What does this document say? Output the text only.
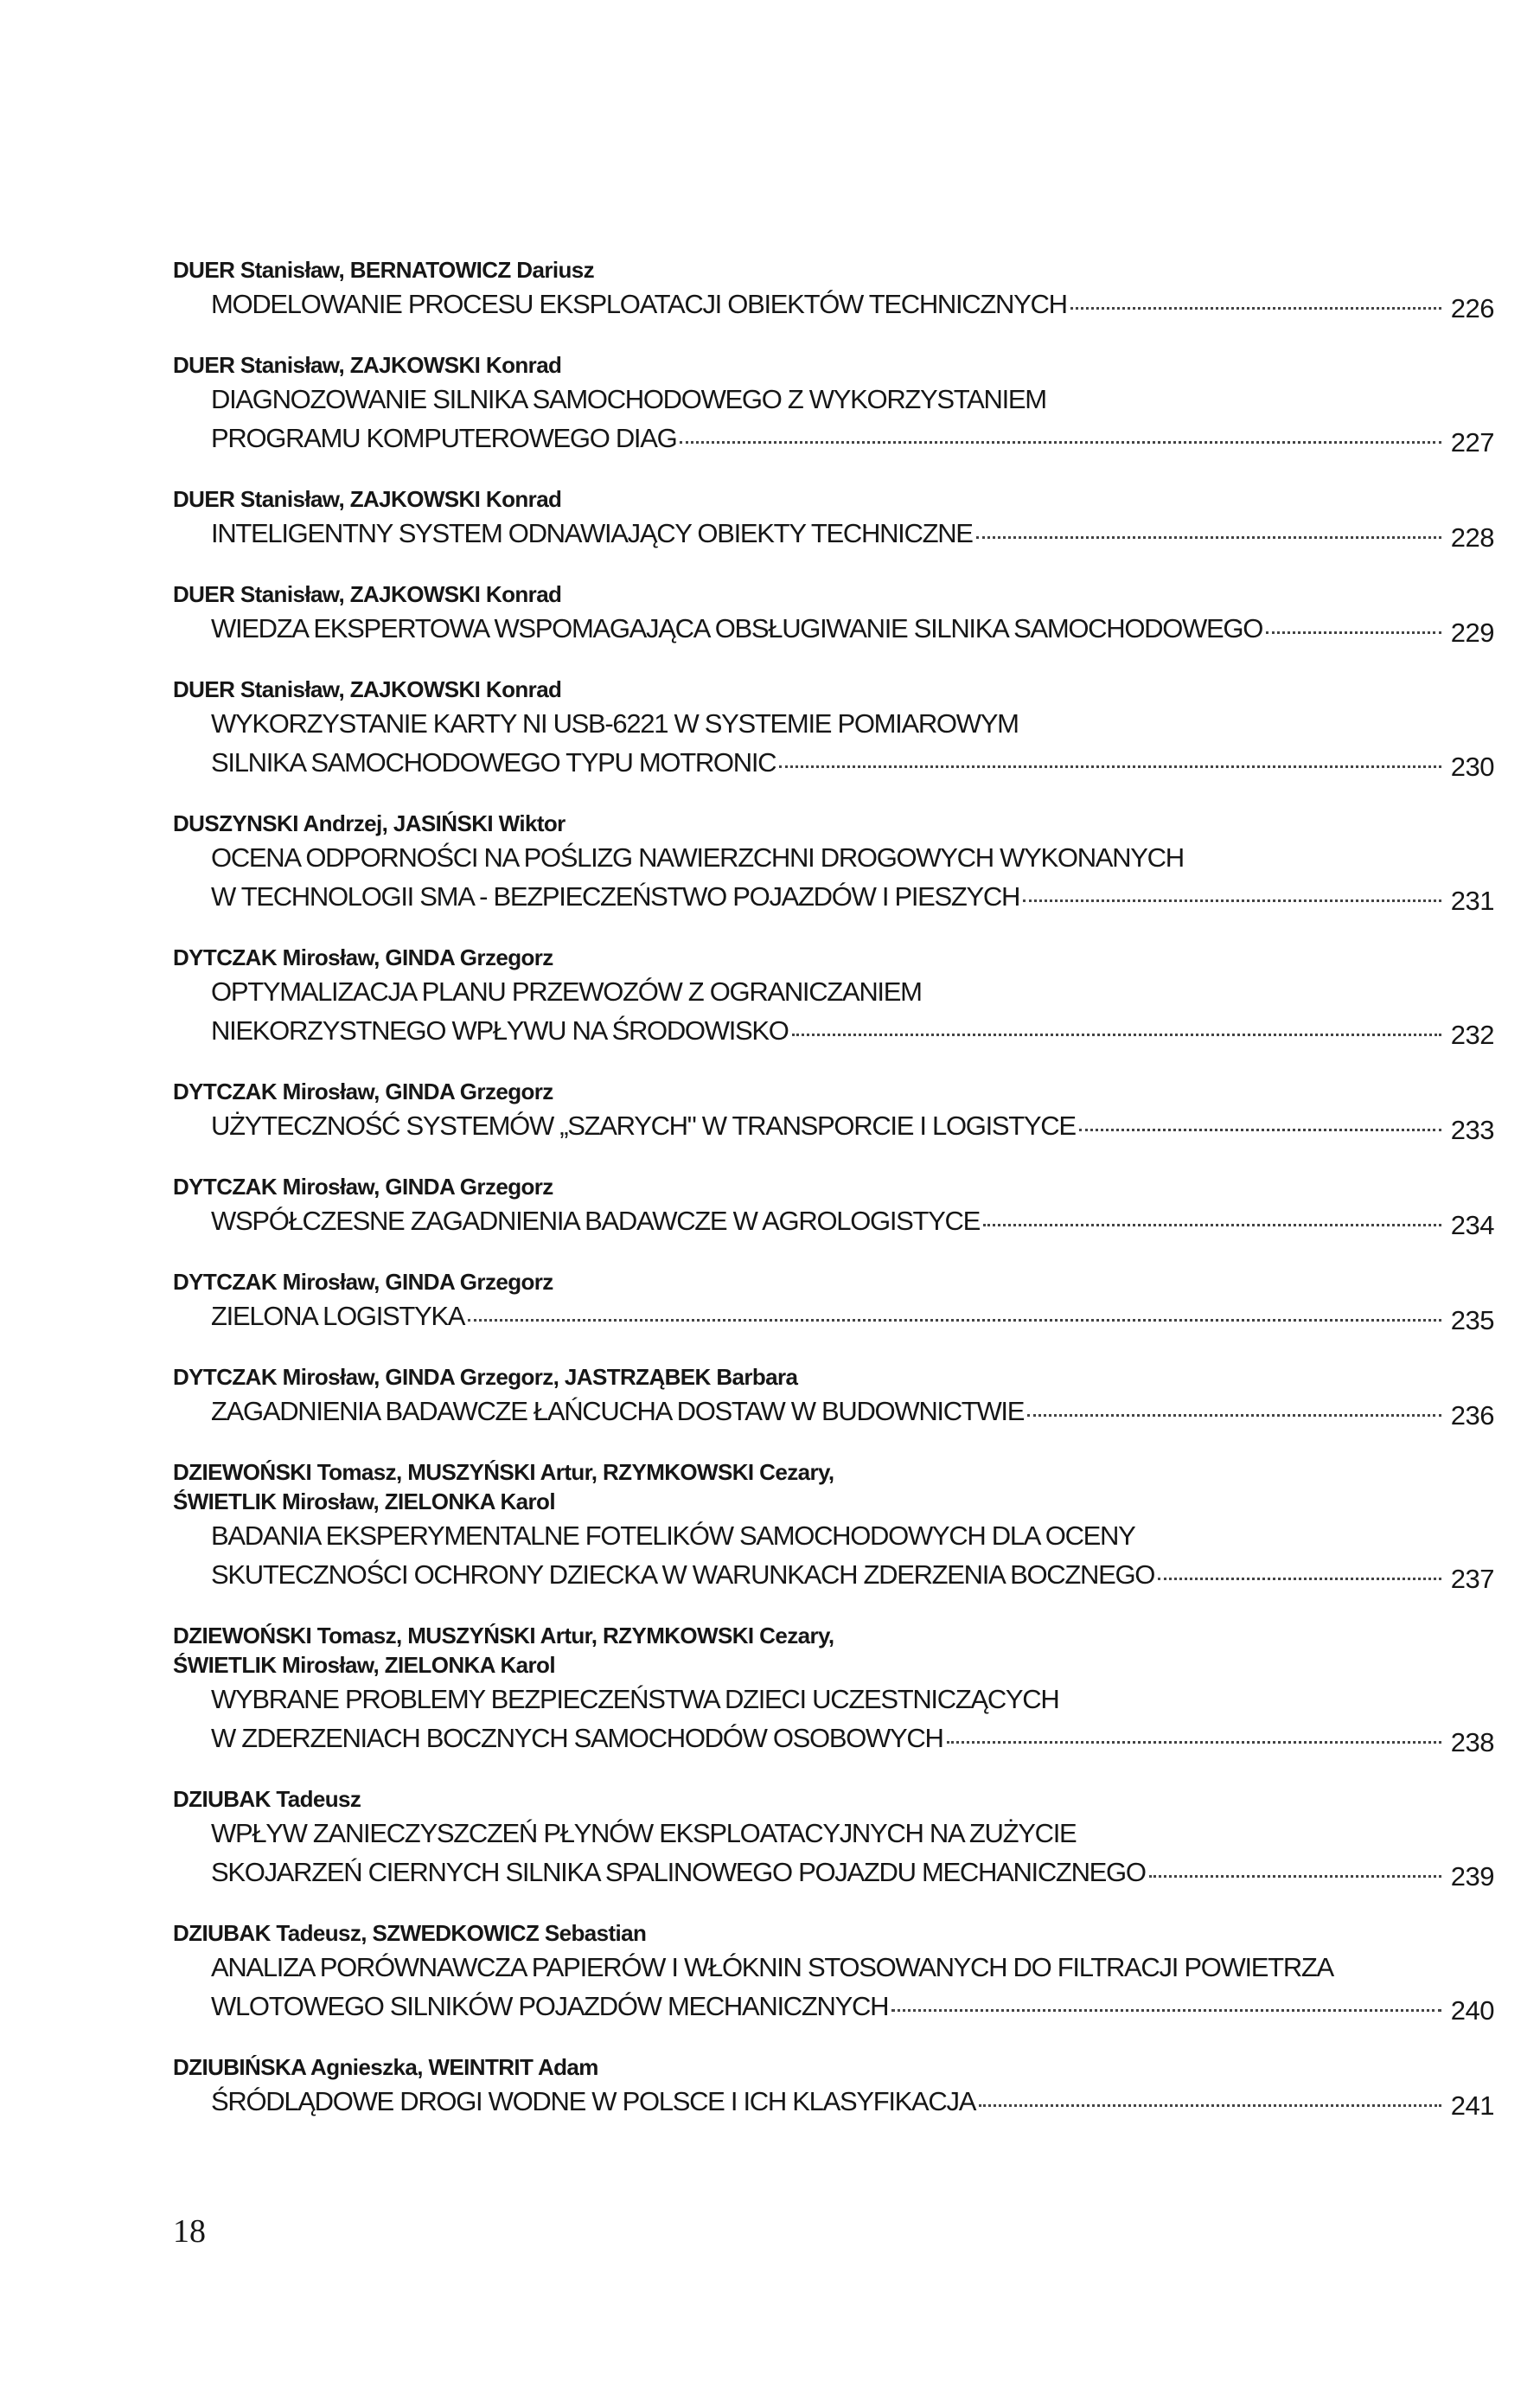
DUER Stanisław, BERNATOWICZ Dariusz

MODELOWANIE PROCESU EKSPLOATACJI OBIEKTÓW TECHNICZNYCH	226

DUER Stanisław, ZAJKOWSKI Konrad

DIAGNOZOWANIE SILNIKA SAMOCHODOWEGO Z WYKORZYSTANIEM
PROGRAMU KOMPUTEROWEGO DIAG	227

DUER Stanisław, ZAJKOWSKI Konrad

INTELIGENTNY SYSTEM ODNAWIAJĄCY OBIEKTY TECHNICZNE	228

DUER Stanisław, ZAJKOWSKI Konrad

WIEDZA EKSPERTOWA WSPOMAGAJĄCA OBSŁUGIWANIE SILNIKA SAMOCHODOWEGO	229

DUER Stanisław, ZAJKOWSKI Konrad

WYKORZYSTANIE KARTY NI USB-6221 W SYSTEMIE POMIAROWYM
SILNIKA SAMOCHODOWEGO TYPU MOTRONIC	230

DUSZYNSKI Andrzej, JASIŃSKI Wiktor

OCENA ODPORNOŚCI NA POŚLIZG NAWIERZCHNI DROGOWYCH WYKONANYCH
W TECHNOLOGII SMA - BEZPIECZEŃSTWO POJAZDÓW I PIESZYCH	231

DYTCZAK Mirosław, GINDA Grzegorz

OPTYMALIZACJA PLANU PRZEWOZÓW Z OGRANICZANIEM
NIEKORZYSTNEGO WPŁYWU NA ŚRODOWISKO	232

DYTCZAK Mirosław, GINDA Grzegorz

UŻYTECZNOŚĆ SYSTEMÓW „SZARYCH" W TRANSPORCIE I LOGISTYCE	233

DYTCZAK Mirosław, GINDA Grzegorz

WSPÓŁCZESNE ZAGADNIENIA BADAWCZE W AGROLOGISTYCE	234

DYTCZAK Mirosław, GINDA Grzegorz

ZIELONA LOGISTYKA	235

DYTCZAK Mirosław, GINDA Grzegorz, JASTRZĄBEK Barbara

ZAGADNIENIA BADAWCZE ŁAŃCUCHA DOSTAW W BUDOWNICTWIE	236

DZIEWOŃSKI Tomasz, MUSZYŃSKI Artur, RZYMKOWSKI Cezary,

ŚWIETLIK Mirosław, ZIELONKA Karol

BADANIA EKSPERYMENTALNE FOTELIKÓW SAMOCHODOWYCH DLA OCENY
SKUTECZNOŚCI OCHRONY DZIECKA W WARUNKACH ZDERZENIA BOCZNEGO	237

DZIEWOŃSKI Tomasz, MUSZYŃSKI Artur, RZYMKOWSKI Cezary,

ŚWIETLIK Mirosław, ZIELONKA Karol

WYBRANE PROBLEMY BEZPIECZEŃSTWA DZIECI UCZESTNICZĄCYCH
W ZDERZENIACH BOCZNYCH SAMOCHODÓW OSOBOWYCH	238

DZIUBAK Tadeusz

WPŁYW ZANIECZYSZCZEŃ PŁYNÓW EKSPLOATACYJNYCH NA ZUŻYCIE
SKOJARZEŃ CIERNYCH SILNIKA SPALINOWEGO POJAZDU MECHANICZNEGO	239

DZIUBAK Tadeusz, SZWEDKOWICZ Sebastian

ANALIZA PORÓWNAWCZA PAPIERÓW I WŁÓKNIN STOSOWANYCH DO FILTRACJI POWIETRZA
WLOTOWEGO SILNIKÓW POJAZDÓW MECHANICZNYCH	240

DZIUBIŃSKA Agnieszka, WEINTRIT Adam

ŚRÓDLĄDOWE DROGI WODNE W POLSCE I ICH KLASYFIKACJA	241

18
